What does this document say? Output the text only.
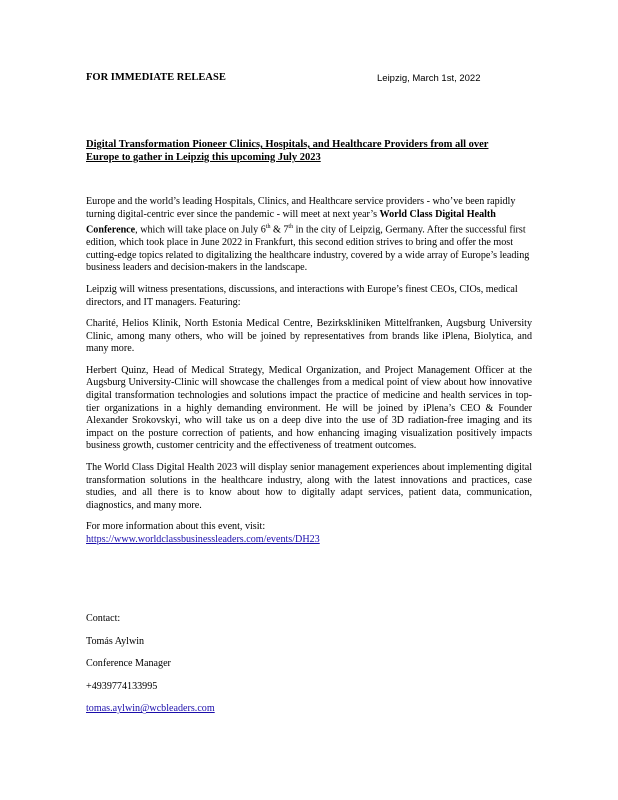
FOR IMMEDIATE RELEASE	Leipzig, March 1st, 2022
Digital Transformation Pioneer Clinics, Hospitals, and Healthcare Providers from all over
Europe to gather in Leipzig this upcoming July 2023

Europe and the world’s leading Hospitals, Clinics, and Healthcare service providers - who’ve been rapidly turning digital-centric ever since the pandemic - will meet at next year’s World Class Digital Health Conference, which will take place on July 6th & 7th in the city of Leipzig, Germany. After the successful first edition, which took place in June 2022 in Frankfurt, this second edition strives to bring and offer the most cutting-edge topics related to digitalizing the healthcare industry, covered by a wide array of Europe’s leading business leaders and decision-makers in the landscape.

Leipzig will witness presentations, discussions, and interactions with Europe’s finest CEOs, CIOs, medical directors, and IT managers. Featuring:

Charité, Helios Klinik, North Estonia Medical Centre, Bezirkskliniken Mittelfranken, Augsburg University Clinic, among many others, who will be joined by representatives from brands like iPlena, Biolytica, and many more.

Herbert Quinz, Head of Medical Strategy, Medical Organization, and Project Management Officer at the Augsburg University-Clinic will showcase the challenges from a medical point of view about how innovative digital transformation technologies and solutions impact the practice of medicine and health services in top-tier organizations in a highly demanding environment. He will be joined by iPlena’s CEO & Founder Alexander Srokovskyi, who will take us on a deep dive into the use of 3D radiation-free imaging and its impact on the posture correction of patients, and how enhancing imaging visualization positively impacts business growth, customer centricity and the effectiveness of treatment outcomes.

The World Class Digital Health 2023 will display senior management experiences about implementing digital transformation solutions in the healthcare industry, along with the latest innovations and practices, case studies, and all there is to know about how to digitally adapt services, patient data, communication, diagnostics, and many more.

For more information about this event, visit:
https://www.worldclassbusinessleaders.com/events/DH23

Contact:
Tomás Aylwin
Conference Manager
+4939774133995
tomas.aylwin@wcbleaders.com
